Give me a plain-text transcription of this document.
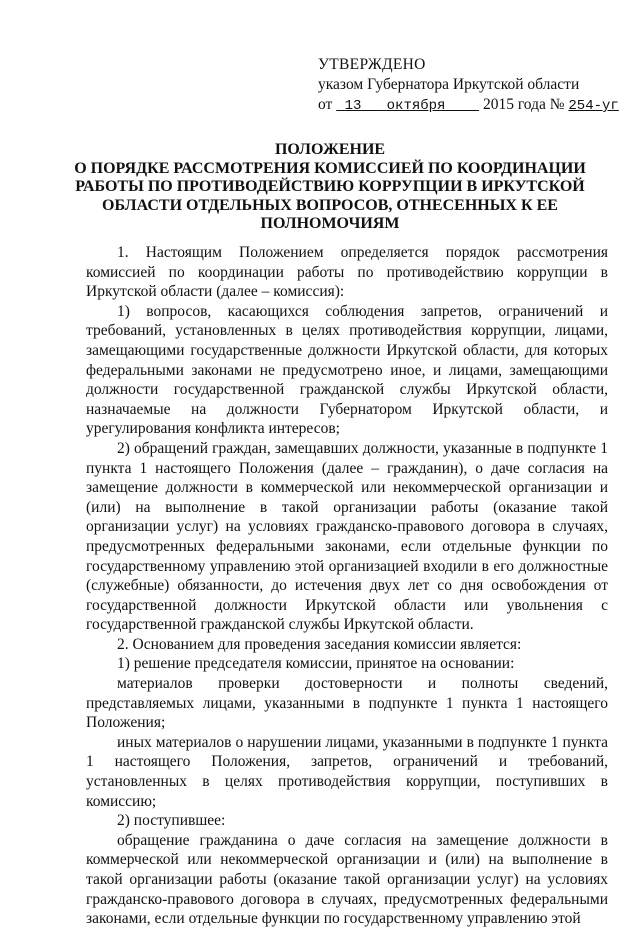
УТВЕРЖДЕНО
указом Губернатора Иркутской области
от 13 октября 2015 года № 254-уг
ПОЛОЖЕНИЕ
О ПОРЯДКЕ РАССМОТРЕНИЯ КОМИССИЕЙ ПО КООРДИНАЦИИ
РАБОТЫ ПО ПРОТИВОДЕЙСТВИЮ КОРРУПЦИИ В ИРКУТСКОЙ
ОБЛАСТИ ОТДЕЛЬНЫХ ВОПРОСОВ, ОТНЕСЕННЫХ К ЕЕ
ПОЛНОМОЧИЯМ

1. Настоящим Положением определяется порядок рассмотрения комиссией по координации работы по противодействию коррупции в Иркутской области (далее – комиссия):

1) вопросов, касающихся соблюдения запретов, ограничений и требований, установленных в целях противодействия коррупции, лицами, замещающими государственные должности Иркутской области, для которых федеральными законами не предусмотрено иное, и лицами, замещающими должности государственной гражданской службы Иркутской области, назначаемые на должности Губернатором Иркутской области, и урегулирования конфликта интересов;

2) обращений граждан, замещавших должности, указанные в подпункте 1 пункта 1 настоящего Положения (далее – гражданин), о даче согласия на замещение должности в коммерческой или некоммерческой организации и (или) на выполнение в такой организации работы (оказание такой организации услуг) на условиях гражданско-правового договора в случаях, предусмотренных федеральными законами, если отдельные функции по государственному управлению этой организацией входили в его должностные (служебные) обязанности, до истечения двух лет со дня освобождения от государственной должности Иркутской области или увольнения с государственной гражданской службы Иркутской области.

2. Основанием для проведения заседания комиссии является:

1) решение председателя комиссии, принятое на основании:

материалов проверки достоверности и полноты сведений, представляемых лицами, указанными в подпункте 1 пункта 1 настоящего Положения;

иных материалов о нарушении лицами, указанными в подпункте 1 пункта 1 настоящего Положения, запретов, ограничений и требований, установленных в целях противодействия коррупции, поступивших в комиссию;

2) поступившее:

обращение гражданина о даче согласия на замещение должности в коммерческой или некоммерческой организации и (или) на выполнение в такой организации работы (оказание такой организации услуг) на условиях гражданско-правового договора в случаях, предусмотренных федеральными законами, если отдельные функции по государственному управлению этой
